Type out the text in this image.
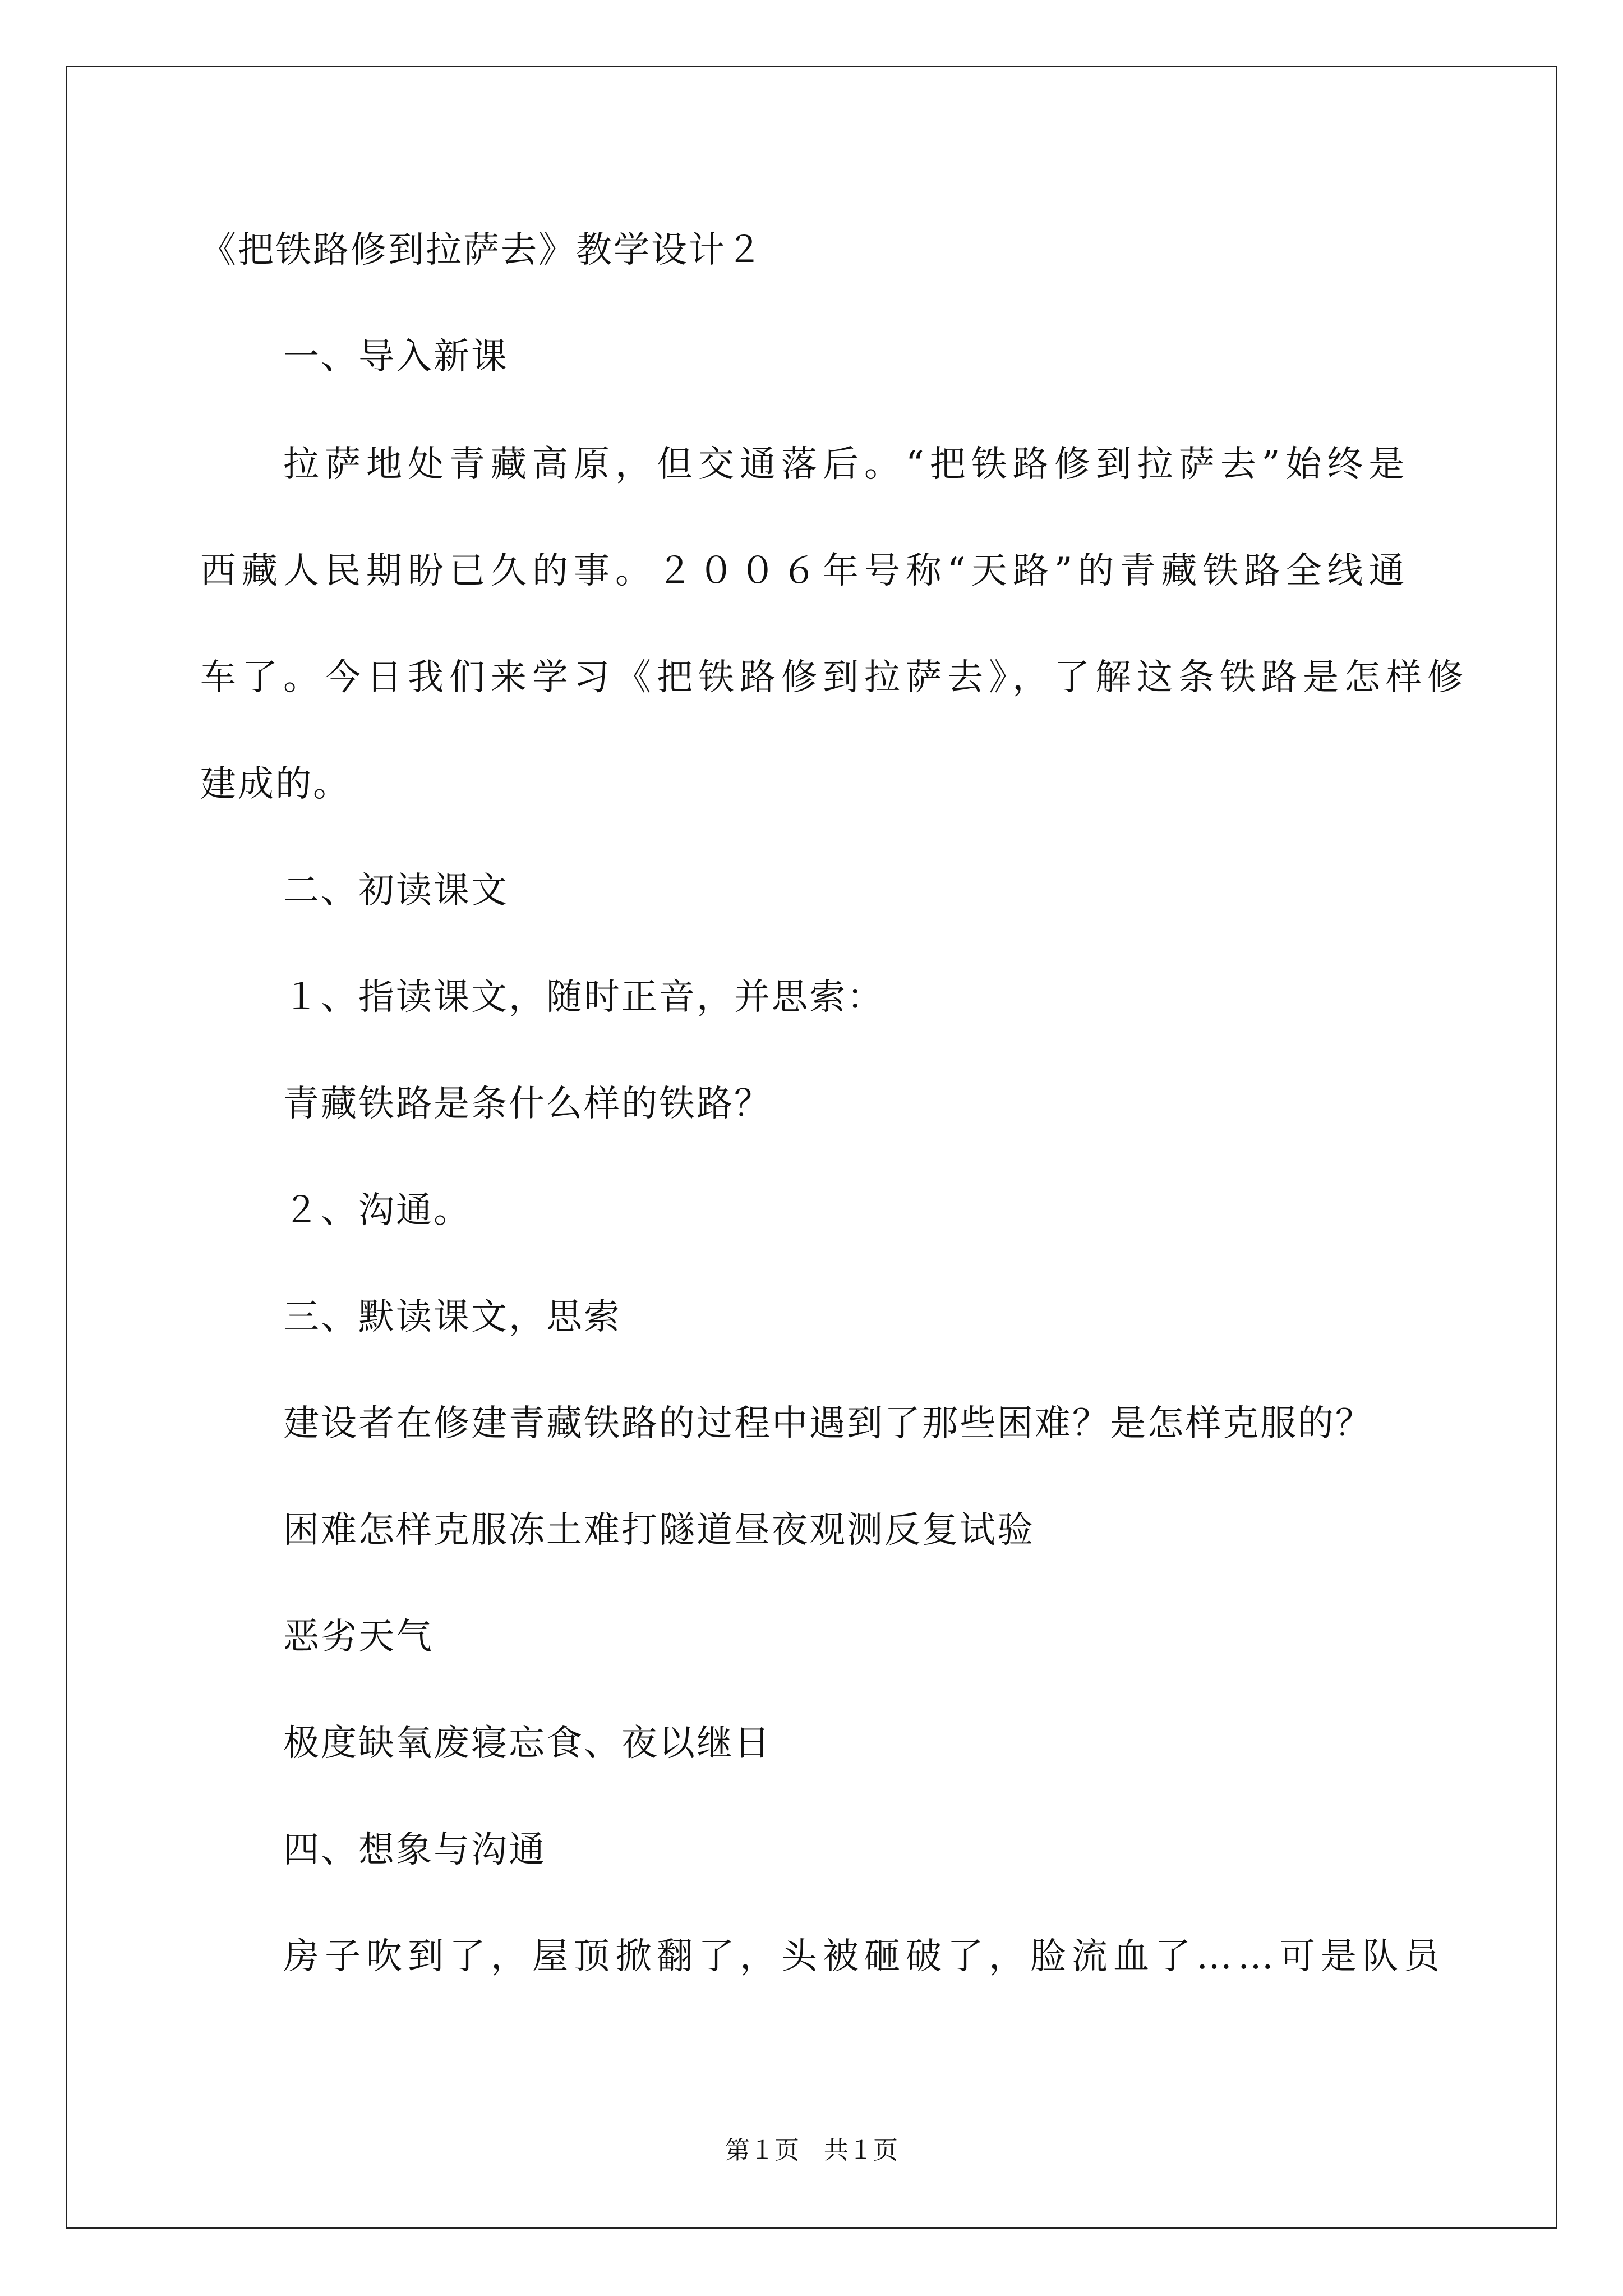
《把铁路修到拉萨去》教学设计２

一、导入新课

拉萨地处青藏高原，但交通落后。“把铁路修到拉萨去”始终是

西藏人民期盼已久的事。２００６年号称“天路”的青藏铁路全线通

车了。今日我们来学习《把铁路修到拉萨去》，了解这条铁路是怎样修

建成的。

二、初读课文

１、指读课文，随时正音，并思索：

青藏铁路是条什么样的铁路？

２、沟通。

三、默读课文，思索

建设者在修建青藏铁路的过程中遇到了那些困难？是怎样克服的？

困难怎样克服冻土难打隧道昼夜观测反复试验

恶劣天气

极度缺氧废寝忘食、夜以继日

四、想象与沟通

房子吹到了，屋顶掀翻了，头被砸破了，脸流血了……可是队员

第１页　共１页
